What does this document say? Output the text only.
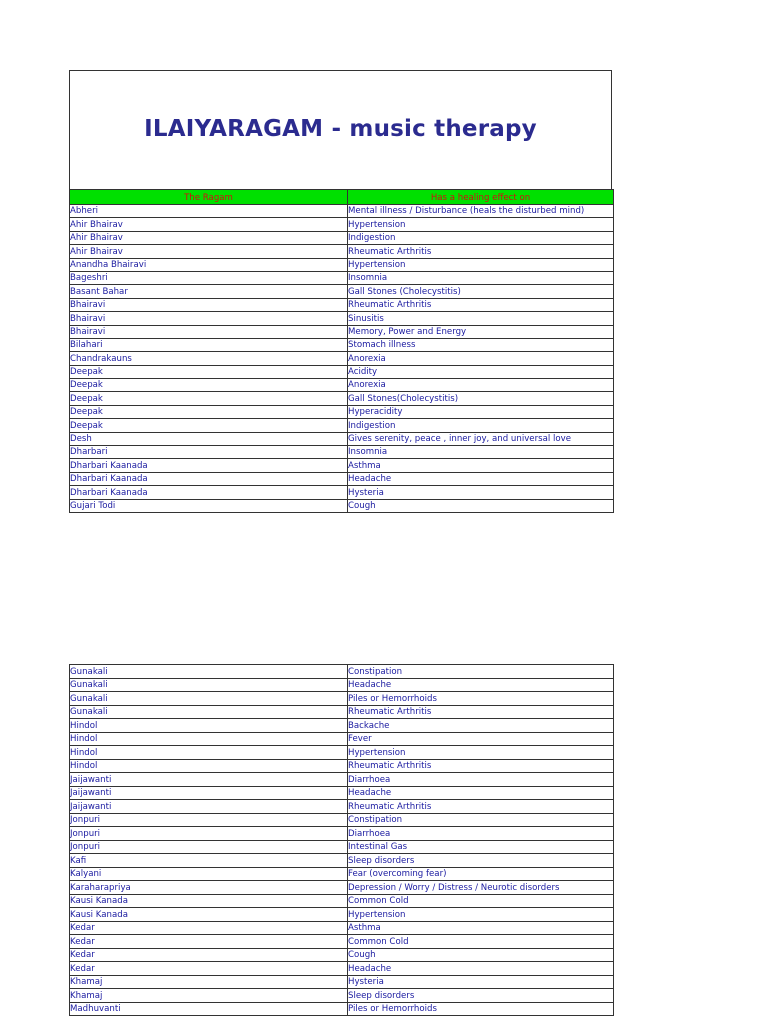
ILAIYARAGAM - music therapy
The Ragam	Has a healing effect on
Abheri	Mental illness / Disturbance (heals the disturbed mind)
Ahir Bhairav	Hypertension
Ahir Bhairav	Indigestion
Ahir Bhairav	Rheumatic Arthritis
Anandha Bhairavi	Hypertension
Bageshri	Insomnia
Basant Bahar	Gall Stones (Cholecystitis)
Bhairavi	Rheumatic Arthritis
Bhairavi	Sinusitis
Bhairavi	Memory, Power and Energy
Bilahari	Stomach illness
Chandrakauns	Anorexia
Deepak	Acidity
Deepak	Anorexia
Deepak	Gall Stones(Cholecystitis)
Deepak	Hyperacidity
Deepak	Indigestion
Desh	Gives serenity, peace , inner joy, and universal love
Dharbari	Insomnia
Dharbari Kaanada	Asthma
Dharbari Kaanada	Headache
Dharbari Kaanada	Hysteria
Gujari Todi	Cough
Gunakali	Constipation
Gunakali	Headache
Gunakali	Piles or Hemorrhoids
Gunakali	Rheumatic Arthritis
Hindol	Backache
Hindol	Fever
Hindol	Hypertension
Hindol	Rheumatic Arthritis
Jaijawanti	Diarrhoea
Jaijawanti	Headache
Jaijawanti	Rheumatic Arthritis
Jonpuri	Constipation
Jonpuri	Diarrhoea
Jonpuri	Intestinal Gas
Kafi	Sleep disorders
Kalyani	Fear (overcoming fear)
Karaharapriya	Depression / Worry / Distress / Neurotic disorders
Kausi Kanada	Common Cold
Kausi Kanada	Hypertension
Kedar	Asthma
Kedar	Common Cold
Kedar	Cough
Kedar	Headache
Khamaj	Hysteria
Khamaj	Sleep disorders
Madhuvanti	Piles or Hemorrhoids
